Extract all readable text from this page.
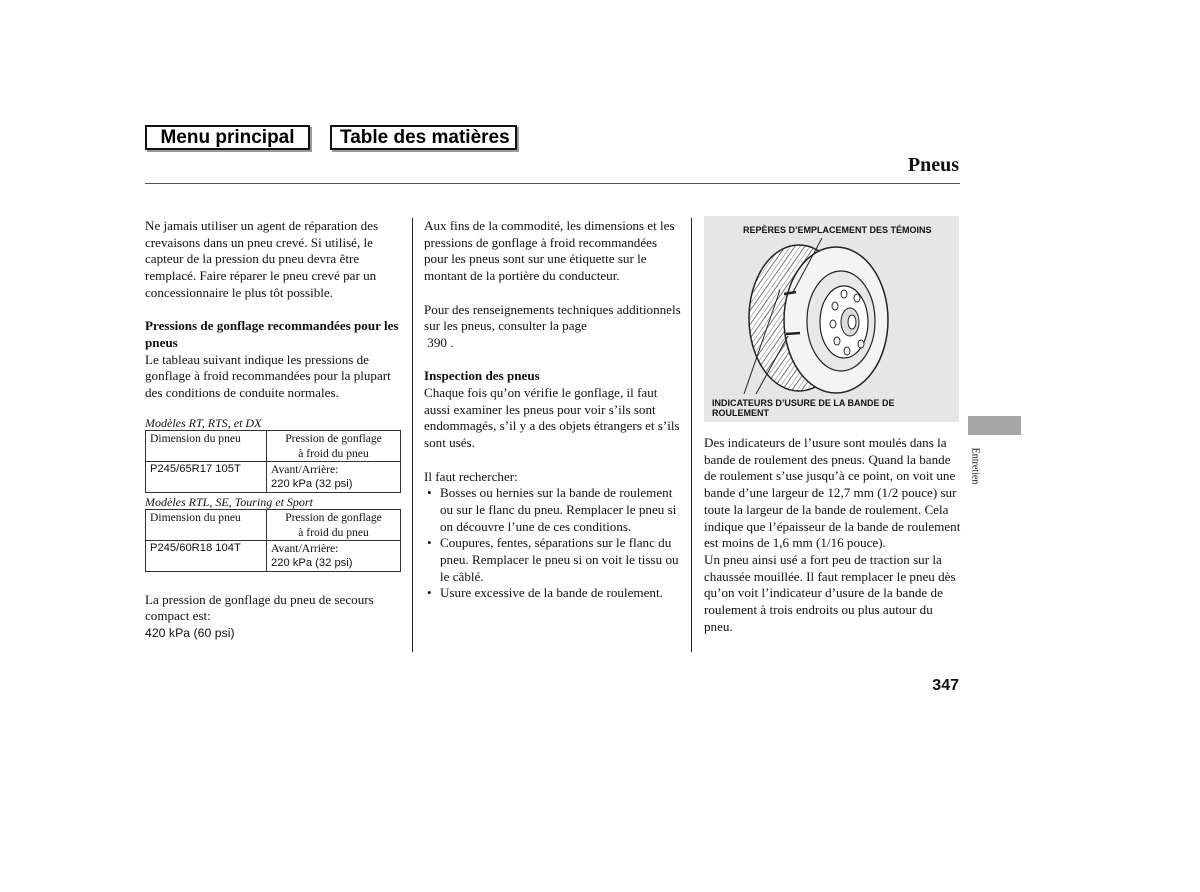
Menu principal	Table des matières
Pneus

Ne jamais utiliser un agent de réparation des crevaisons dans un pneu crevé. Si utilisé, le capteur de la pression du pneu devra être remplacé. Faire réparer le pneu crevé par un concessionnaire le plus tôt possible.

Pressions de gonflage recommandées pour les pneus

Le tableau suivant indique les pressions de gonflage à froid recommandées pour la plupart des conditions de conduite normales.

Modèles RT, RTS, et DX
Dimension du pneu	Pression de gonflage
à froid du pneu

P245/65R17 105T	Avant/Arrière:
220 kPa (32 psi)
Modèles RTL, SE, Touring et Sport
Dimension du pneu	Pression de gonflage
à froid du pneu

P245/60R18 104T	Avant/Arrière:
220 kPa (32 psi)

La pression de gonflage du pneu de secours compact est:

420 kPa (60 psi)

Aux fins de la commodité, les dimensions et les pressions de gonflage à froid recommandées pour les pneus sont sur une étiquette sur le montant de la portière du conducteur.

Pour des renseignements techniques additionnels sur les pneus, consulter la page
390 .

Inspection des pneus

Chaque fois qu’on vérifie le gonflage, il faut aussi examiner les pneus pour voir s’ils sont endommagés, s’il y a des objets étrangers et s’ils sont usés.

Il faut rechercher:

• Bosses ou hernies sur la bande de roulement ou sur le flanc du pneu. Remplacer le pneu si on découvre l’une de ces conditions.
• Coupures, fentes, séparations sur le flanc du pneu. Remplacer le pneu si on voit le tissu ou le câblé.
• Usure excessive de la bande de roulement.
REPÈRES D’EMPLACEMENT DES TÉMOINS
INDICATEURS D’USURE DE LA BANDE DE ROULEMENT

Des indicateurs de l’usure sont moulés dans la bande de roulement des pneus. Quand la bande de roulement s’use jusqu’à ce point, on voit une bande d’une largeur de 12,7 mm (1/2 pouce) sur toute la largeur de la bande de roulement. Cela indique que l’épaisseur de la bande de roulement est moins de 1,6 mm (1/16 pouce).

Un pneu ainsi usé a fort peu de traction sur la chaussée mouillée. Il faut remplacer le pneu dès qu’on voit l’indicateur d’usure de la bande de roulement à trois endroits ou plus autour du pneu.

Entretien
347
